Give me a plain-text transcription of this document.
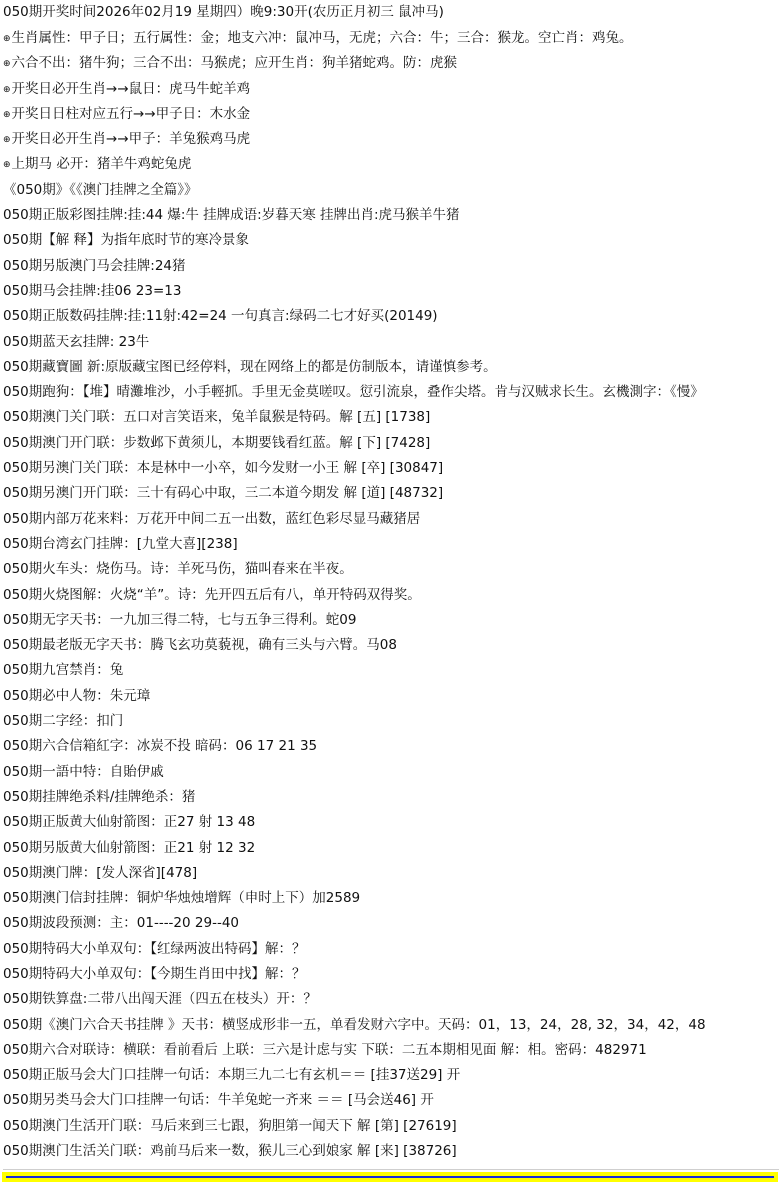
050期开奖时间2026年02月19 星期四）晚9:30开(农历正月初三 鼠冲马)
⊕生肖属性：甲子日；五行属性：金；地支六冲：鼠冲马，无虎；六合：牛；三合：猴龙。空亡肖：鸡兔。
⊕六合不出：猪牛狗；三合不出：马猴虎；应开生肖：狗羊猪蛇鸡。防：虎猴
⊕开奖日必开生肖→→鼠日：虎马牛蛇羊鸡
⊕开奖日日柱对应五行→→甲子日：木水金
⊕开奖日必开生肖→→甲子：羊兔猴鸡马虎
⊕上期马 必开：猪羊牛鸡蛇兔虎
《050期》《《澳门挂牌之全篇》》
050期正版彩图挂牌:挂:44 爆:牛 挂牌成语:岁暮天寒 挂牌出肖:虎马猴羊牛猪
050期【解 释】为指年底时节的寒冷景象
050期另版澳门马会挂牌:24猪
050期马会挂牌:挂06 23=13
050期正版数码挂牌:挂:11射:42=24 一句真言:绿码二七才好买(20149)
050期蓝天玄挂牌: 23牛
050期藏寶圖 新:原版藏宝图已经停料，现在网络上的都是仿制版本，请谨慎参考。
050期跑狗：【堆】晴灘堆沙，小手輕抓。手里无金莫嗟叹。愆引流泉，叠作尖塔。肯与汉贼求长生。玄機測字：《慢》
050期澳门关门联：五口对言笑语来，兔羊鼠猴是特码。解 [五] [1738]
050期澳门开门联：步数邺下黄须儿，本期要钱看红蓝。解 [下] [7428]
050期另澳门关门联：本是林中一小卒，如今发财一小王 解 [卒] [30847]
050期另澳门开门联：三十有码心中取，三二本道今期发 解 [道] [48732]
050期内部万花来料：万花开中间二五一出数，蓝红色彩尽显马藏猪居
050期台湾玄门挂牌：[九堂大喜][238]
050期火车头：烧伤马。诗：羊死马伤，猫叫春来在半夜。
050期火烧图解：火烧“羊”。诗：先开四五后有八，单开特码双得奖。
050期无字天书：一九加三得二特，七与五争三得利。蛇09
050期最老版无字天书：腾飞玄功莫藐视，确有三头与六臂。马08
050期九宫禁肖：兔
050期必中人物：朱元璋
050期二字经：扣门
050期六合信箱紅字：冰炭不投 暗码：06 17 21 35
050期一語中特：自貽伊戚
050期挂牌绝杀料/挂牌绝杀：猪
050期正版黄大仙射箭图：正27 射 13 48
050期另版黄大仙射箭图：正21 射 12 32
050期澳门牌：[发人深省][478]
050期澳门信封挂牌：铜炉华烛烛增辉（申时上下）加2589
050期波段预测：主：01----20 29--40
050期特码大小单双句：【红绿两波出特码】解：？
050期特码大小单双句：【今期生肖田中找】解：？
050期铁算盘:二带八出闯天涯（四五在枝头）开：？
050期《澳门六合天书挂牌 》天书：横竖成形非一五，单看发财六字中。天码：01，13，24，28, 32，34，42，48
050期六合对联诗：横联：看前看后 上联：三六是计虑与实 下联：二五本期相见面 解：相。密码：482971
050期正版马会大门口挂牌一句话：本期三九二七有玄机＝＝ [挂37送29] 开
050期另类马会大门口挂牌一句话：牛羊兔蛇一齐来 ＝＝ [马会送46] 开
050期澳门生活开门联：马后来到三七跟，狗胆第一闻天下 解 [第] [27619]
050期澳门生活关门联：鸡前马后来一数，猴儿三心到娘家 解 [来] [38726]
